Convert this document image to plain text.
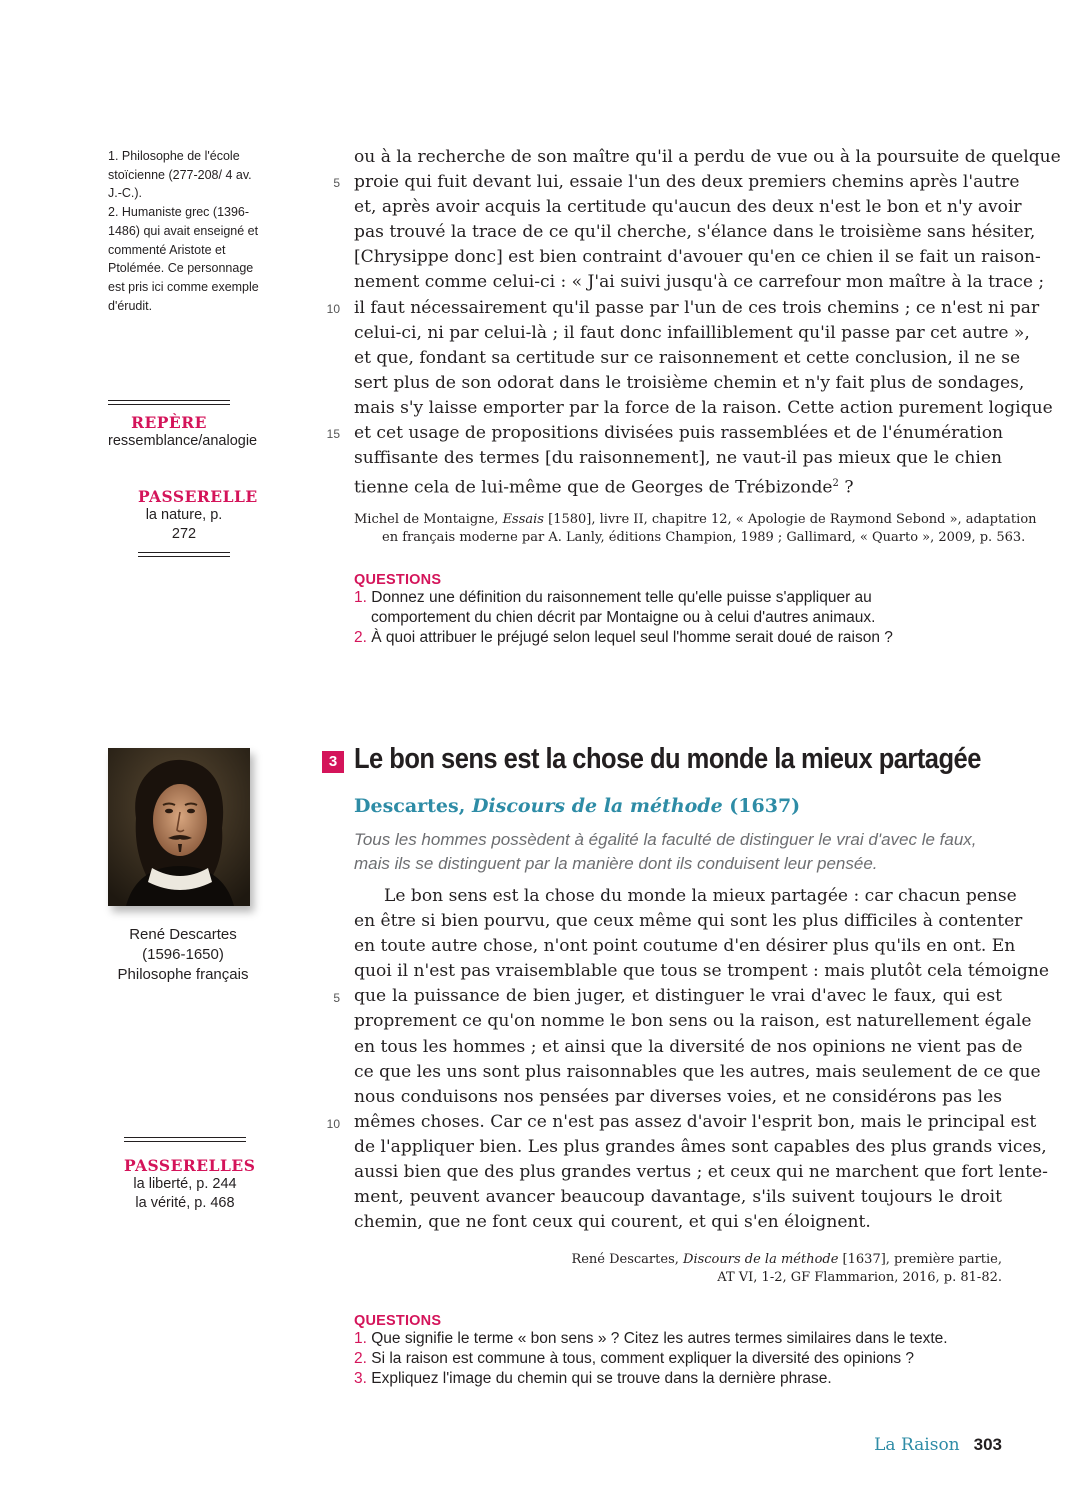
1. Philosophe de l'école stoïcienne (277-208/ 4 av. J.-C.).

2. Humaniste grec (1396-1486) qui avait enseigné et commenté Aristote et Ptolémée. Ce personnage est pris ici comme exemple d'érudit.

REPÈRE
ressemblance/analogie
PASSERELLE
la nature, p. 272
5
10
15
ou à la recherche de son maître qu'il a perdu de vue ou à la poursuite de quelque
proie qui fuit devant lui, essaie l'un des deux premiers chemins après l'autre
et, après avoir acquis la certitude qu'aucun des deux n'est le bon et n'y avoir
pas trouvé la trace de ce qu'il cherche, s'élance dans le troisième sans hésiter,
[Chrysippe donc] est bien contraint d'avouer qu'en ce chien il se fait un raison-
nement comme celui-ci : « J'ai suivi jusqu'à ce carrefour mon maître à la trace ;
il faut nécessairement qu'il passe par l'un de ces trois chemins ; ce n'est ni par
celui-ci, ni par celui-là ; il faut donc infailliblement qu'il passe par cet autre »,
et que, fondant sa certitude sur ce raisonnement et cette conclusion, il ne se
sert plus de son odorat dans le troisième chemin et n'y fait plus de sondages,
mais s'y laisse emporter par la force de la raison. Cette action purement logique
et cet usage de propositions divisées puis rassemblées et de l'énumération
suffisante des termes [du raisonnement], ne vaut-il pas mieux que le chien
tienne cela de lui-même que de Georges de Trébizonde$^2$ ?
Michel de Montaigne, Essais [1580], livre II, chapitre 12, « Apologie de Raymond Sebond », adaptation
en français moderne par A. Lanly, éditions Champion, 1989 ; Gallimard, « Quarto », 2009, p. 563.
QUESTIONS
1. Donnez une définition du raisonnement telle qu'elle puisse s'appliquer au
comportement du chien décrit par Montaigne ou à celui d'autres animaux.
2. À quoi attribuer le préjugé selon lequel seul l'homme serait doué de raison ?
René Descartes
(1596-1650)
Philosophe français
3 Le bon sens est la chose du monde la mieux partagée
Descartes, Discours de la méthode (1637)
Tous les hommes possèdent à égalité la faculté de distinguer le vrai d'avec le faux, mais ils se distinguent par la manière dont ils conduisent leur pensée.
PASSERELLES
la liberté, p. 244
la vérité, p. 468
5
10
Le bon sens est la chose du monde la mieux partagée : car chacun pense
en être si bien pourvu, que ceux même qui sont les plus difficiles à contenter
en toute autre chose, n'ont point coutume d'en désirer plus qu'ils en ont. En
quoi il n'est pas vraisemblable que tous se trompent : mais plutôt cela témoigne
que la puissance de bien juger, et distinguer le vrai d'avec le faux, qui est
proprement ce qu'on nomme le bon sens ou la raison, est naturellement égale
en tous les hommes ; et ainsi que la diversité de nos opinions ne vient pas de
ce que les uns sont plus raisonnables que les autres, mais seulement de ce que
nous conduisons nos pensées par diverses voies, et ne considérons pas les
mêmes choses. Car ce n'est pas assez d'avoir l'esprit bon, mais le principal est
de l'appliquer bien. Les plus grandes âmes sont capables des plus grands vices,
aussi bien que des plus grandes vertus ; et ceux qui ne marchent que fort lente-
ment, peuvent avancer beaucoup davantage, s'ils suivent toujours le droit
chemin, que ne font ceux qui courent, et qui s'en éloignent.
René Descartes, Discours de la méthode [1637], première partie,
AT VI, 1-2, GF Flammarion, 2016, p. 81-82.
QUESTIONS
1. Que signifie le terme « bon sens » ? Citez les autres termes similaires dans le texte.
2. Si la raison est commune à tous, comment expliquer la diversité des opinions ?
3. Expliquez l'image du chemin qui se trouve dans la dernière phrase.
La Raison 303
